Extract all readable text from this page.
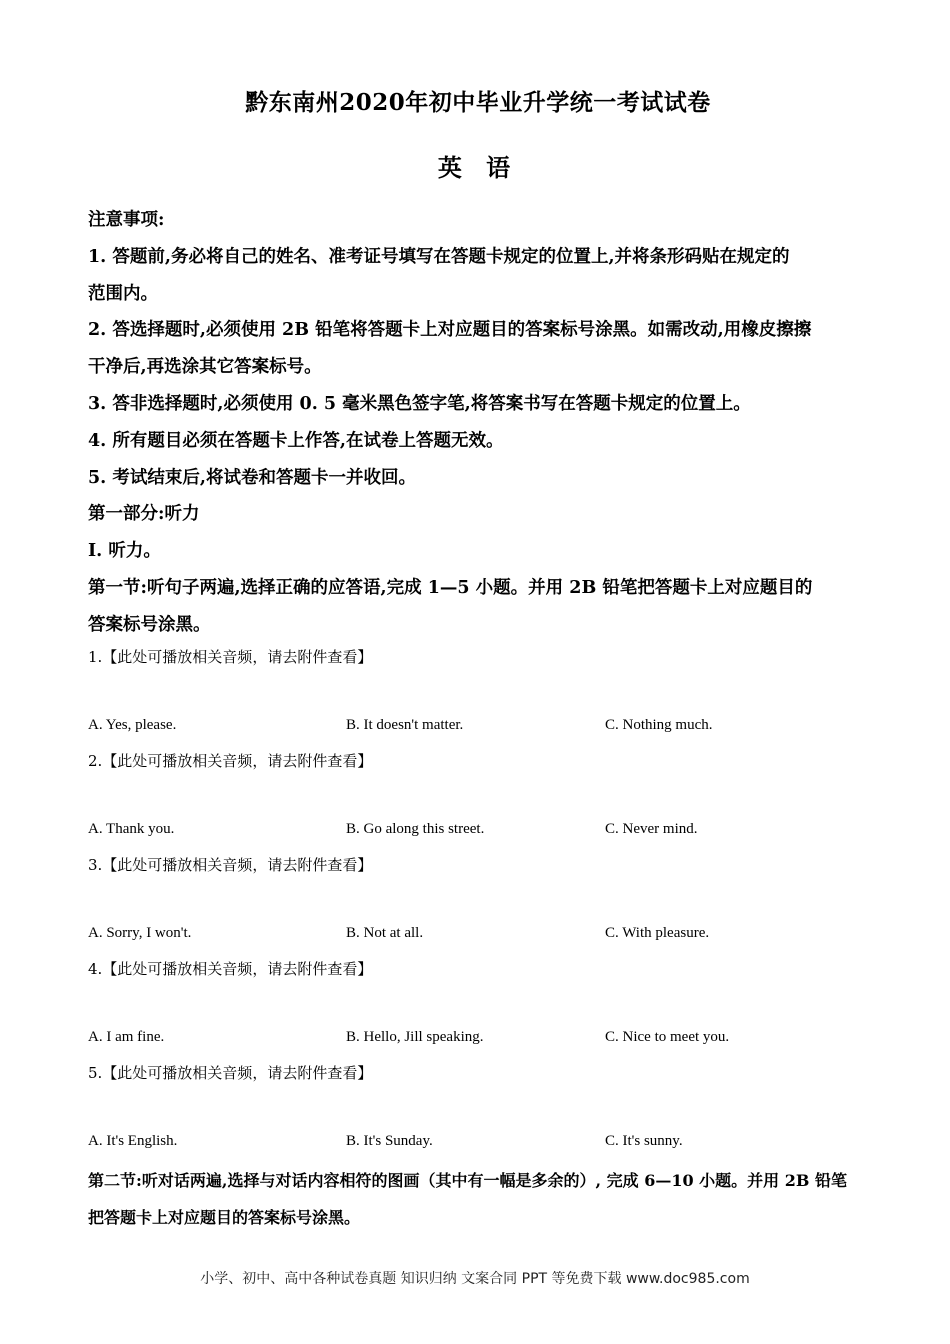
黔东南州2020年初中毕业升学统一考试试卷
英 语
注意事项:
1. 答题前,务必将自己的姓名、准考证号填写在答题卡规定的位置上,并将条形码贴在规定的
范围内。
2. 答选择题时,必须使用 2B 铅笔将答题卡上对应题目的答案标号涂黑。如需改动,用橡皮擦擦
干净后,再选涂其它答案标号。
3. 答非选择题时,必须使用 0. 5 毫米黑色签字笔,将答案书写在答题卡规定的位置上。
4. 所有题目必须在答题卡上作答,在试卷上答题无效。
5. 考试结束后,将试卷和答题卡一并收回。
第一部分:听力
I. 听力。
第一节:听句子两遍,选择正确的应答语,完成 1—5 小题。并用 2B 铅笔把答题卡上对应题目的
答案标号涂黑。
1.【此处可播放相关音频，请去附件查看】
A. Yes, please.	B. It doesn't matter.	C. Nothing much.
2.【此处可播放相关音频，请去附件查看】
A. Thank you.	B. Go along this street.	C. Never mind.
3.【此处可播放相关音频，请去附件查看】
A. Sorry, I won't.	B. Not at all.	C. With pleasure.
4.【此处可播放相关音频，请去附件查看】
A. I am fine.	B. Hello, Jill speaking.	C. Nice to meet you.
5.【此处可播放相关音频，请去附件查看】
A. It's English.	B. It's Sunday.	C. It's sunny.
第二节:听对话两遍,选择与对话内容相符的图画（其中有一幅是多余的）, 完成 6—10 小题。并用 2B 铅笔
把答题卡上对应题目的答案标号涂黑。
小学、初中、高中各种试卷真题 知识归纳 文案合同 PPT 等免费下载 www.doc985.com
